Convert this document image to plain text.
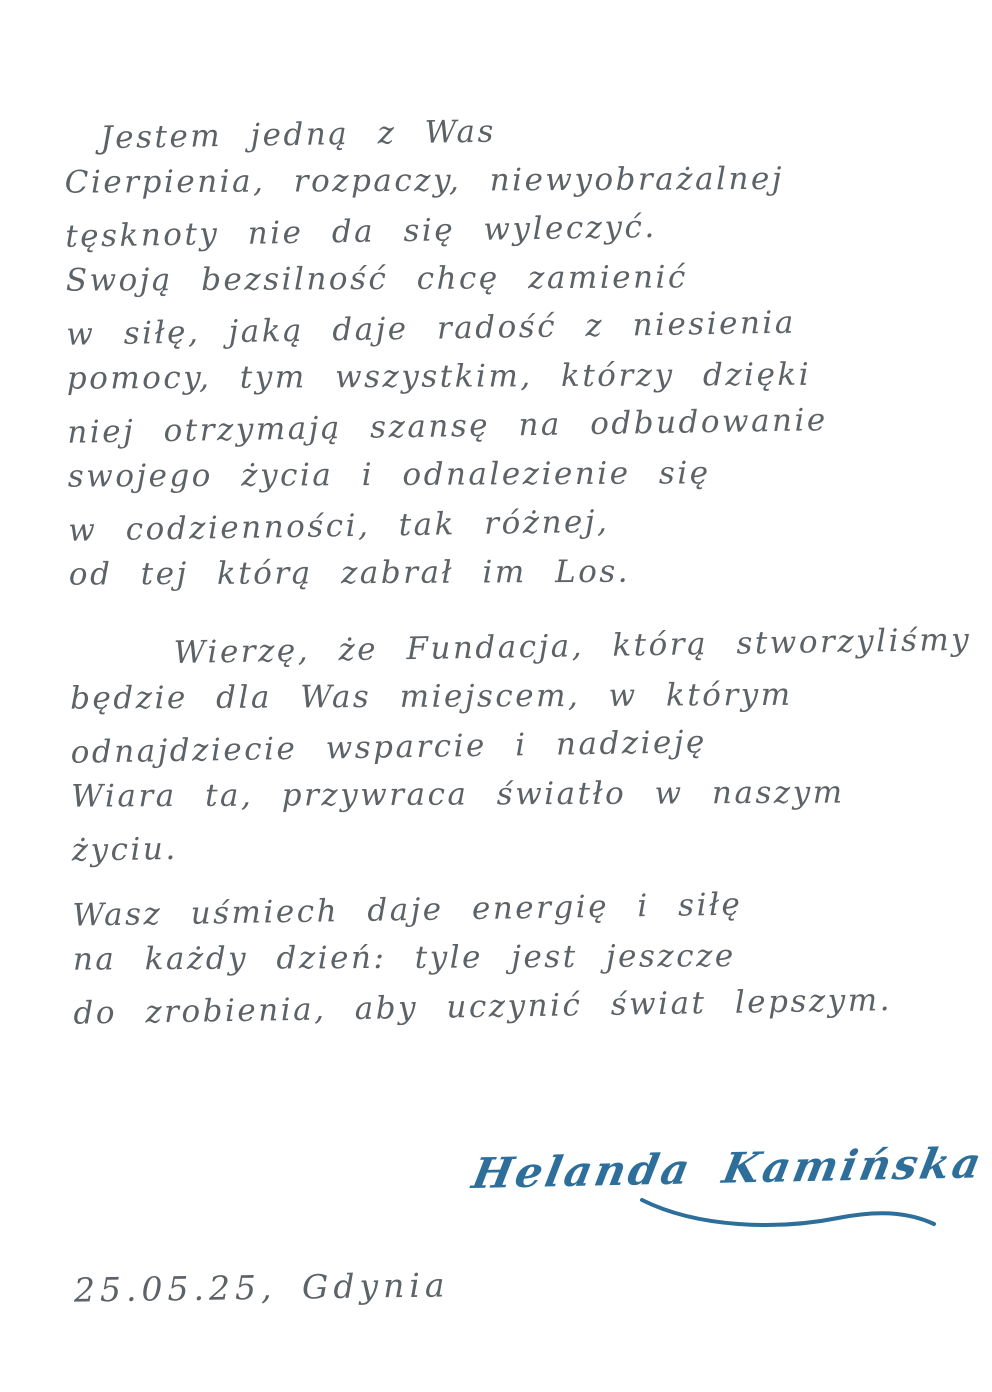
Jestem jedną z Was
Cierpienia, rozpaczy, niewyobrażalnej
tęsknoty nie da się wyleczyć.
Swoją bezsilność chcę zamienić
w siłę, jaką daje radość z niesienia
pomocy, tym wszystkim, którzy dzięki
niej otrzymają szansę na odbudowanie
swojego życia i odnalezienie się
w codzienności, tak różnej,
od tej którą zabrał im Los.
Wierzę, że Fundacja, którą stworzyliśmy
będzie dla Was miejscem, w którym
odnajdziecie wsparcie i nadzieję
Wiara ta, przywraca światło w naszym
życiu.
Wasz uśmiech daje energię i siłę
na każdy dzień: tyle jest jeszcze
do zrobienia, aby uczynić świat lepszym.
Helanda Kamińska
25.05.25, Gdynia
